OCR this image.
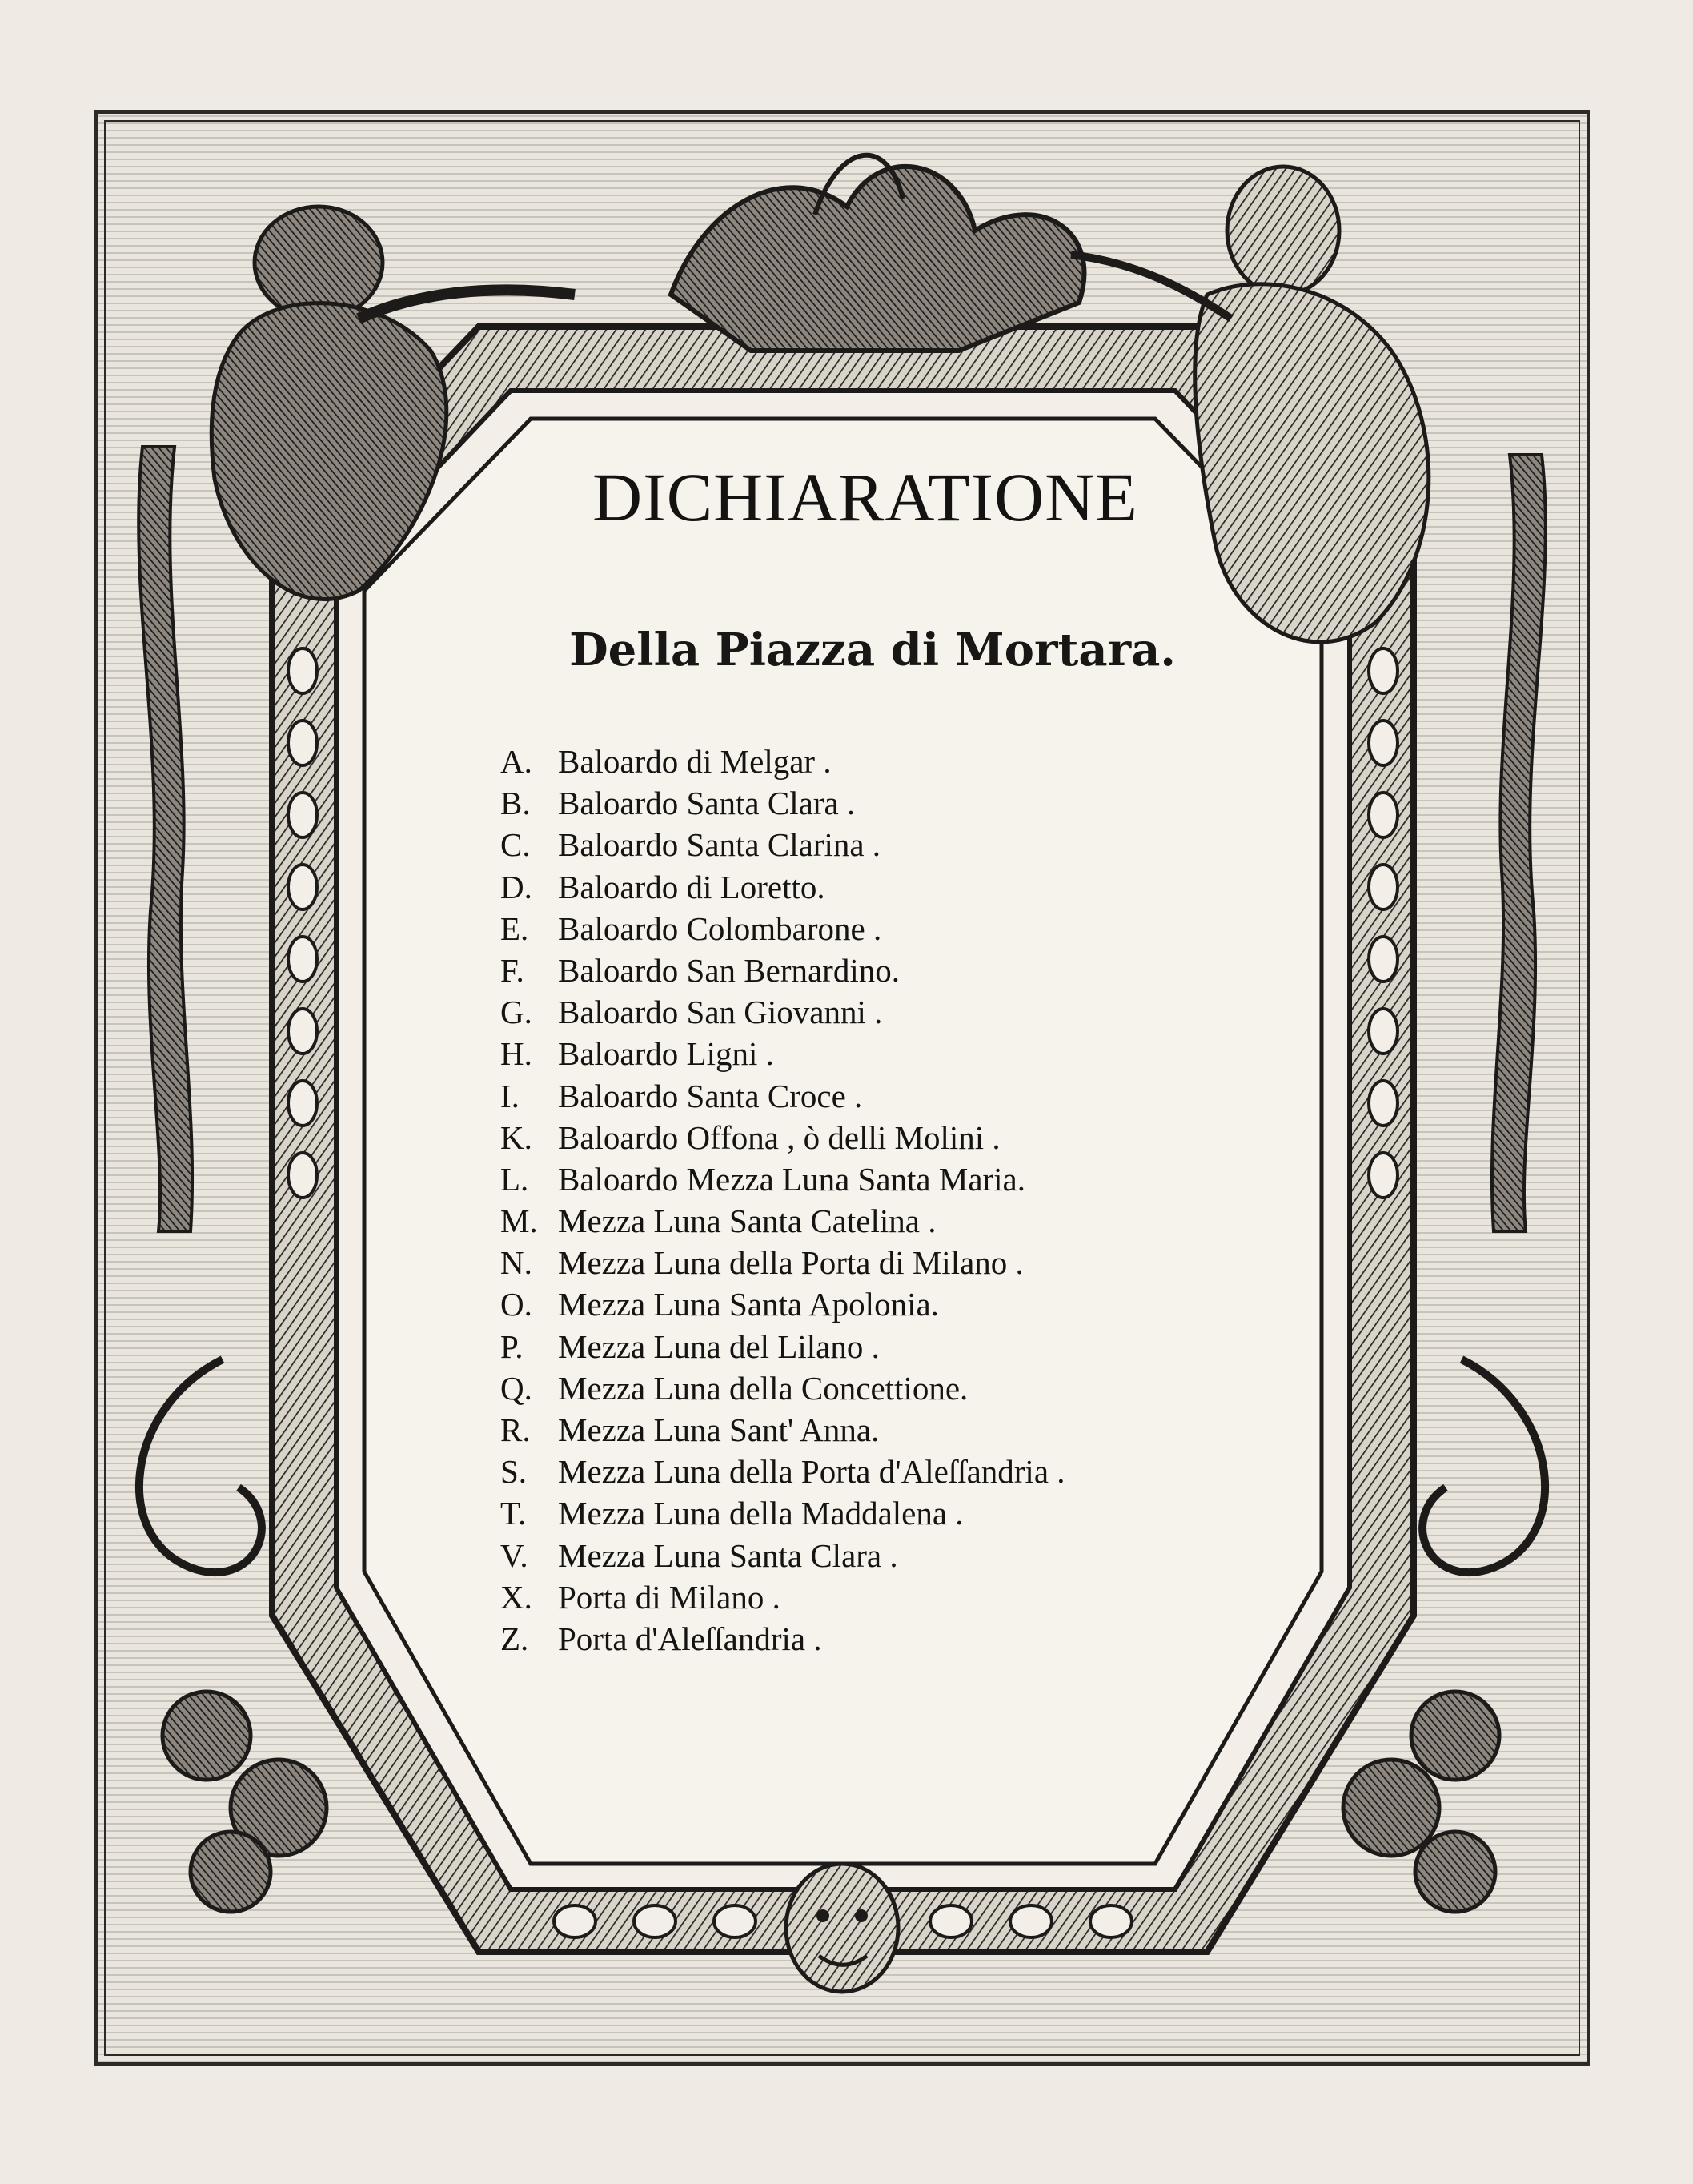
DICHIARATIONE
Della Piazza di Mortara.
A. Baloardo di Melgar .
B. Baloardo Santa Clara .
C. Baloardo Santa Clarina .
D. Baloardo di Loretto.
E. Baloardo Colombarone .
F.	Baloardo San Bernardino.
G. Baloardo San Giovanni .
H. Baloardo Ligni .
I.	Baloardo Santa Croce .
K. Baloardo Offona , ò delli Molini .
L. Baloardo Mezza Luna Santa Maria.
M. Mezza Luna Santa Catelina .
N. Mezza Luna della Porta di Milano .
O. Mezza Luna Santa Apolonia.
P.	Mezza Luna del Lilano .
Q. Mezza Luna della Concettione.
R. Mezza Luna Sant' Anna.
S. Mezza Luna della Porta d'Aleſſandria .
T. Mezza Luna della Maddalena .
V. Mezza Luna Santa Clara .
X. Porta di Milano .
Z. Porta d'Aleſſandria .
